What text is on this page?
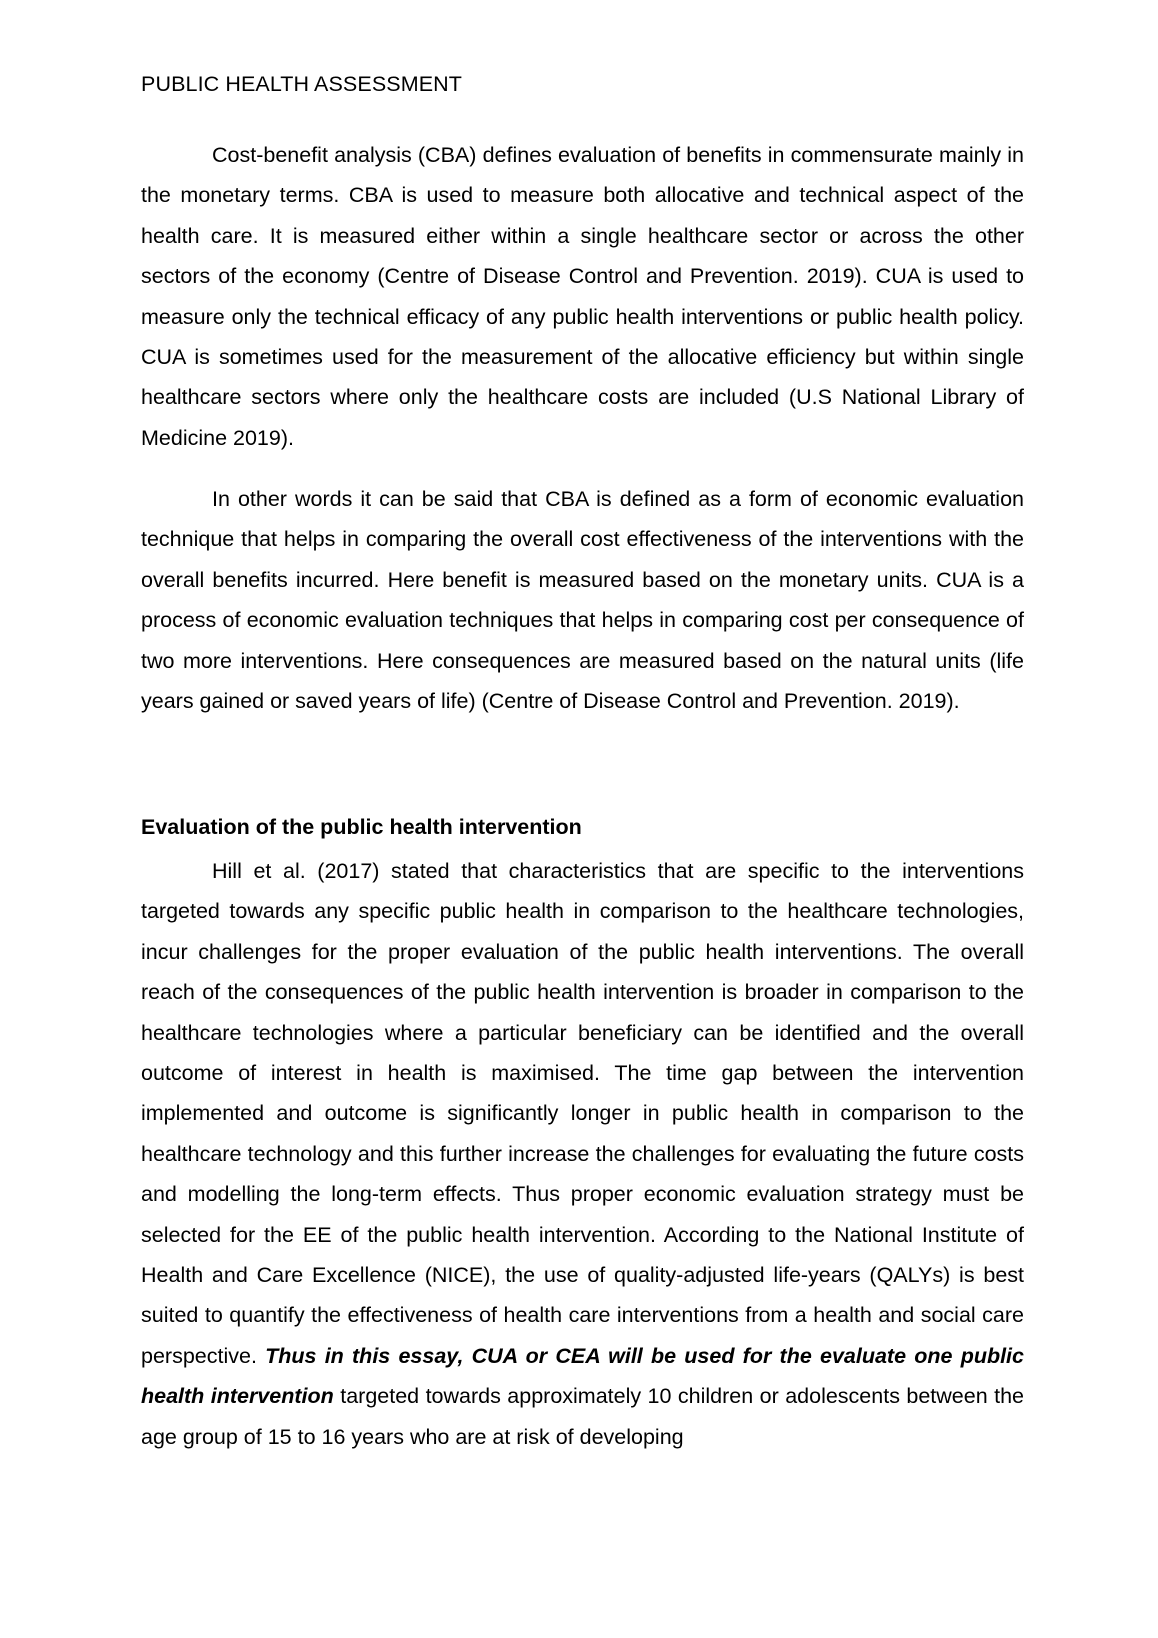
PUBLIC HEALTH ASSESSMENT

Cost-benefit analysis (CBA) defines evaluation of benefits in commensurate mainly in the monetary terms. CBA is used to measure both allocative and technical aspect of the health care. It is measured either within a single healthcare sector or across the other sectors of the economy (Centre of Disease Control and Prevention. 2019). CUA is used to measure only the technical efficacy of any public health interventions or public health policy. CUA is sometimes used for the measurement of the allocative efficiency but within single healthcare sectors where only the healthcare costs are included (U.S National Library of Medicine 2019).

In other words it can be said that CBA is defined as a form of economic evaluation technique that helps in comparing the overall cost effectiveness of the interventions with the overall benefits incurred. Here benefit is measured based on the monetary units. CUA is a process of economic evaluation techniques that helps in comparing cost per consequence of two more interventions. Here consequences are measured based on the natural units (life years gained or saved years of life) (Centre of Disease Control and Prevention. 2019).

Evaluation of the public health intervention

Hill et al. (2017) stated that characteristics that are specific to the interventions targeted towards any specific public health in comparison to the healthcare technologies, incur challenges for the proper evaluation of the public health interventions. The overall reach of the consequences of the public health intervention is broader in comparison to the healthcare technologies where a particular beneficiary can be identified and the overall outcome of interest in health is maximised. The time gap between the intervention implemented and outcome is significantly longer in public health in comparison to the healthcare technology and this further increase the challenges for evaluating the future costs and modelling the long-term effects. Thus proper economic evaluation strategy must be selected for the EE of the public health intervention. According to the National Institute of Health and Care Excellence (NICE), the use of quality-adjusted life-years (QALYs) is best suited to quantify the effectiveness of health care interventions from a health and social care perspective. Thus in this essay, CUA or CEA will be used for the evaluate one public health intervention targeted towards approximately 10 children or adolescents between the age group of 15 to 16 years who are at risk of developing
